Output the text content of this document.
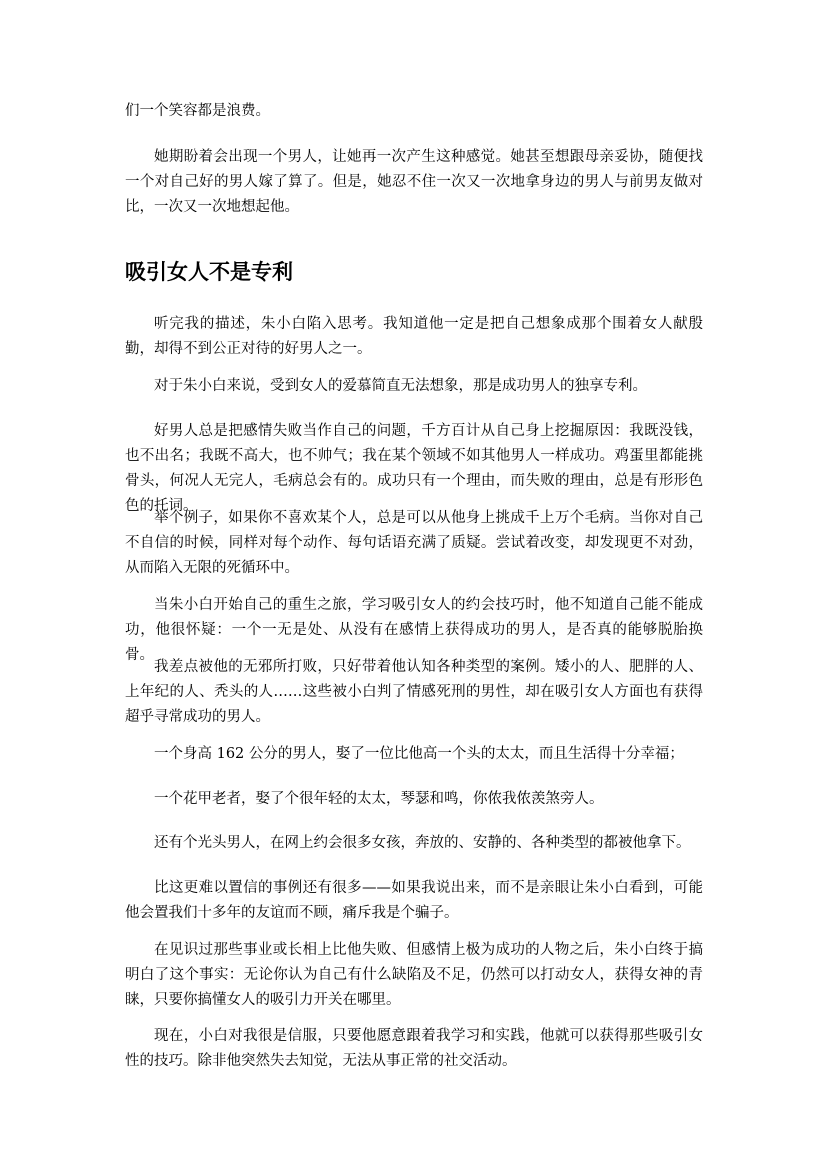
们一个笑容都是浪费。

她期盼着会出现一个男人，让她再一次产生这种感觉。她甚至想跟母亲妥协，随便找一个对自己好的男人嫁了算了。但是，她忍不住一次又一次地拿身边的男人与前男友做对比，一次又一次地想起他。

吸引女人不是专利

听完我的描述，朱小白陷入思考。我知道他一定是把自己想象成那个围着女人献殷勤，却得不到公正对待的好男人之一。

对于朱小白来说，受到女人的爱慕简直无法想象，那是成功男人的独享专利。

好男人总是把感情失败当作自己的问题，千方百计从自己身上挖掘原因：我既没钱，也不出名；我既不高大，也不帅气；我在某个领域不如其他男人一样成功。鸡蛋里都能挑骨头，何况人无完人，毛病总会有的。成功只有一个理由，而失败的理由，总是有形形色色的托词。

举个例子，如果你不喜欢某个人，总是可以从他身上挑成千上万个毛病。当你对自己不自信的时候，同样对每个动作、每句话语充满了质疑。尝试着改变，却发现更不对劲，从而陷入无限的死循环中。

当朱小白开始自己的重生之旅，学习吸引女人的约会技巧时，他不知道自己能不能成功，他很怀疑：一个一无是处、从没有在感情上获得成功的男人，是否真的能够脱胎换骨。

我差点被他的无邪所打败，只好带着他认知各种类型的案例。矮小的人、肥胖的人、上年纪的人、秃头的人……这些被小白判了情感死刑的男性，却在吸引女人方面也有获得超乎寻常成功的男人。

一个身高 162 公分的男人，娶了一位比他高一个头的太太，而且生活得十分幸福；

一个花甲老者，娶了个很年轻的太太，琴瑟和鸣，你侬我侬羡煞旁人。

还有个光头男人，在网上约会很多女孩，奔放的、安静的、各种类型的都被他拿下。

比这更难以置信的事例还有很多——如果我说出来，而不是亲眼让朱小白看到，可能他会置我们十多年的友谊而不顾，痛斥我是个骗子。

在见识过那些事业或长相上比他失败、但感情上极为成功的人物之后，朱小白终于搞明白了这个事实：无论你认为自己有什么缺陷及不足，仍然可以打动女人，获得女神的青睐，只要你搞懂女人的吸引力开关在哪里。

现在，小白对我很是信服，只要他愿意跟着我学习和实践，他就可以获得那些吸引女性的技巧。除非他突然失去知觉，无法从事正常的社交活动。
